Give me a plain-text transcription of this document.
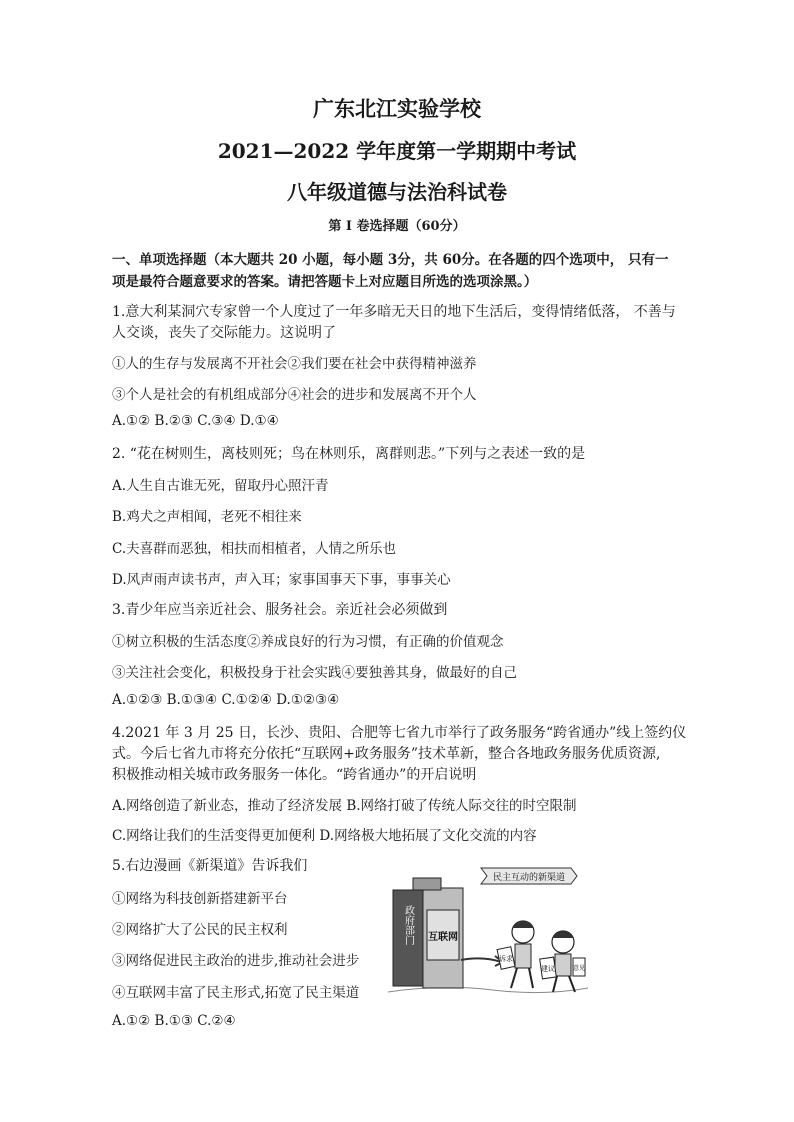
广东北江实验学校
2021—2022 学年度第一学期期中考试
八年级道德与法治科试卷
第 I 卷选择题（60分）
一、单项选择题（本大题共 20 小题，每小题 3分，共 60分。在各题的四个选项中， 只有一
项是最符合题意要求的答案。请把答题卡上对应题目所选的选项涂黑。）
1.意大利某洞穴专家曾一个人度过了一年多暗无天日的地下生活后，变得情绪低落， 不善与
人交谈，丧失了交际能力。这说明了
①人的生存与发展离不开社会②我们要在社会中获得精神滋养
③个人是社会的有机组成部分④社会的进步和发展离不开个人
A.①② B.②③ C.③④ D.①④
2. “花在树则生，离枝则死；鸟在林则乐，离群则悲。”下列与之表述一致的是
A.人生自古谁无死，留取丹心照汗青
B.鸡犬之声相闻，老死不相往来
C.夫喜群而恶独，相扶而相植者，人情之所乐也
D.风声雨声读书声，声入耳；家事国事天下事，事事关心
3.青少年应当亲近社会、服务社会。亲近社会必须做到
①树立积极的生活态度②养成良好的行为习惯，有正确的价值观念
③关注社会变化，积极投身于社会实践④要独善其身，做最好的自己
A.①②③ B.①③④ C.①②④ D.①②③④
4.2021 年 3 月 25 日，长沙、贵阳、合肥等七省九市举行了政务服务“跨省通办”线上签约仪
式。今后七省九市将充分依托“互联网+政务服务”技术革新，整合各地政务服务优质资源,
积极推动相关城市政务服务一体化。“跨省通办”的开启说明
A.网络创造了新业态，推动了经济发展 B.网络打破了传统人际交往的时空限制
C.网络让我们的生活变得更加便利 D.网络极大地拓展了文化交流的内容
5.右边漫画《新渠道》告诉我们
①网络为科技创新搭建新平台
②网络扩大了公民的民主权利
③网络促进民主政治的进步,推动社会进步
④互联网丰富了民主形式,拓宽了民主渠道
A.①② B.①③ C.②④
民主互动的新渠道
政府部门 互联网
诉求
建议	意见
